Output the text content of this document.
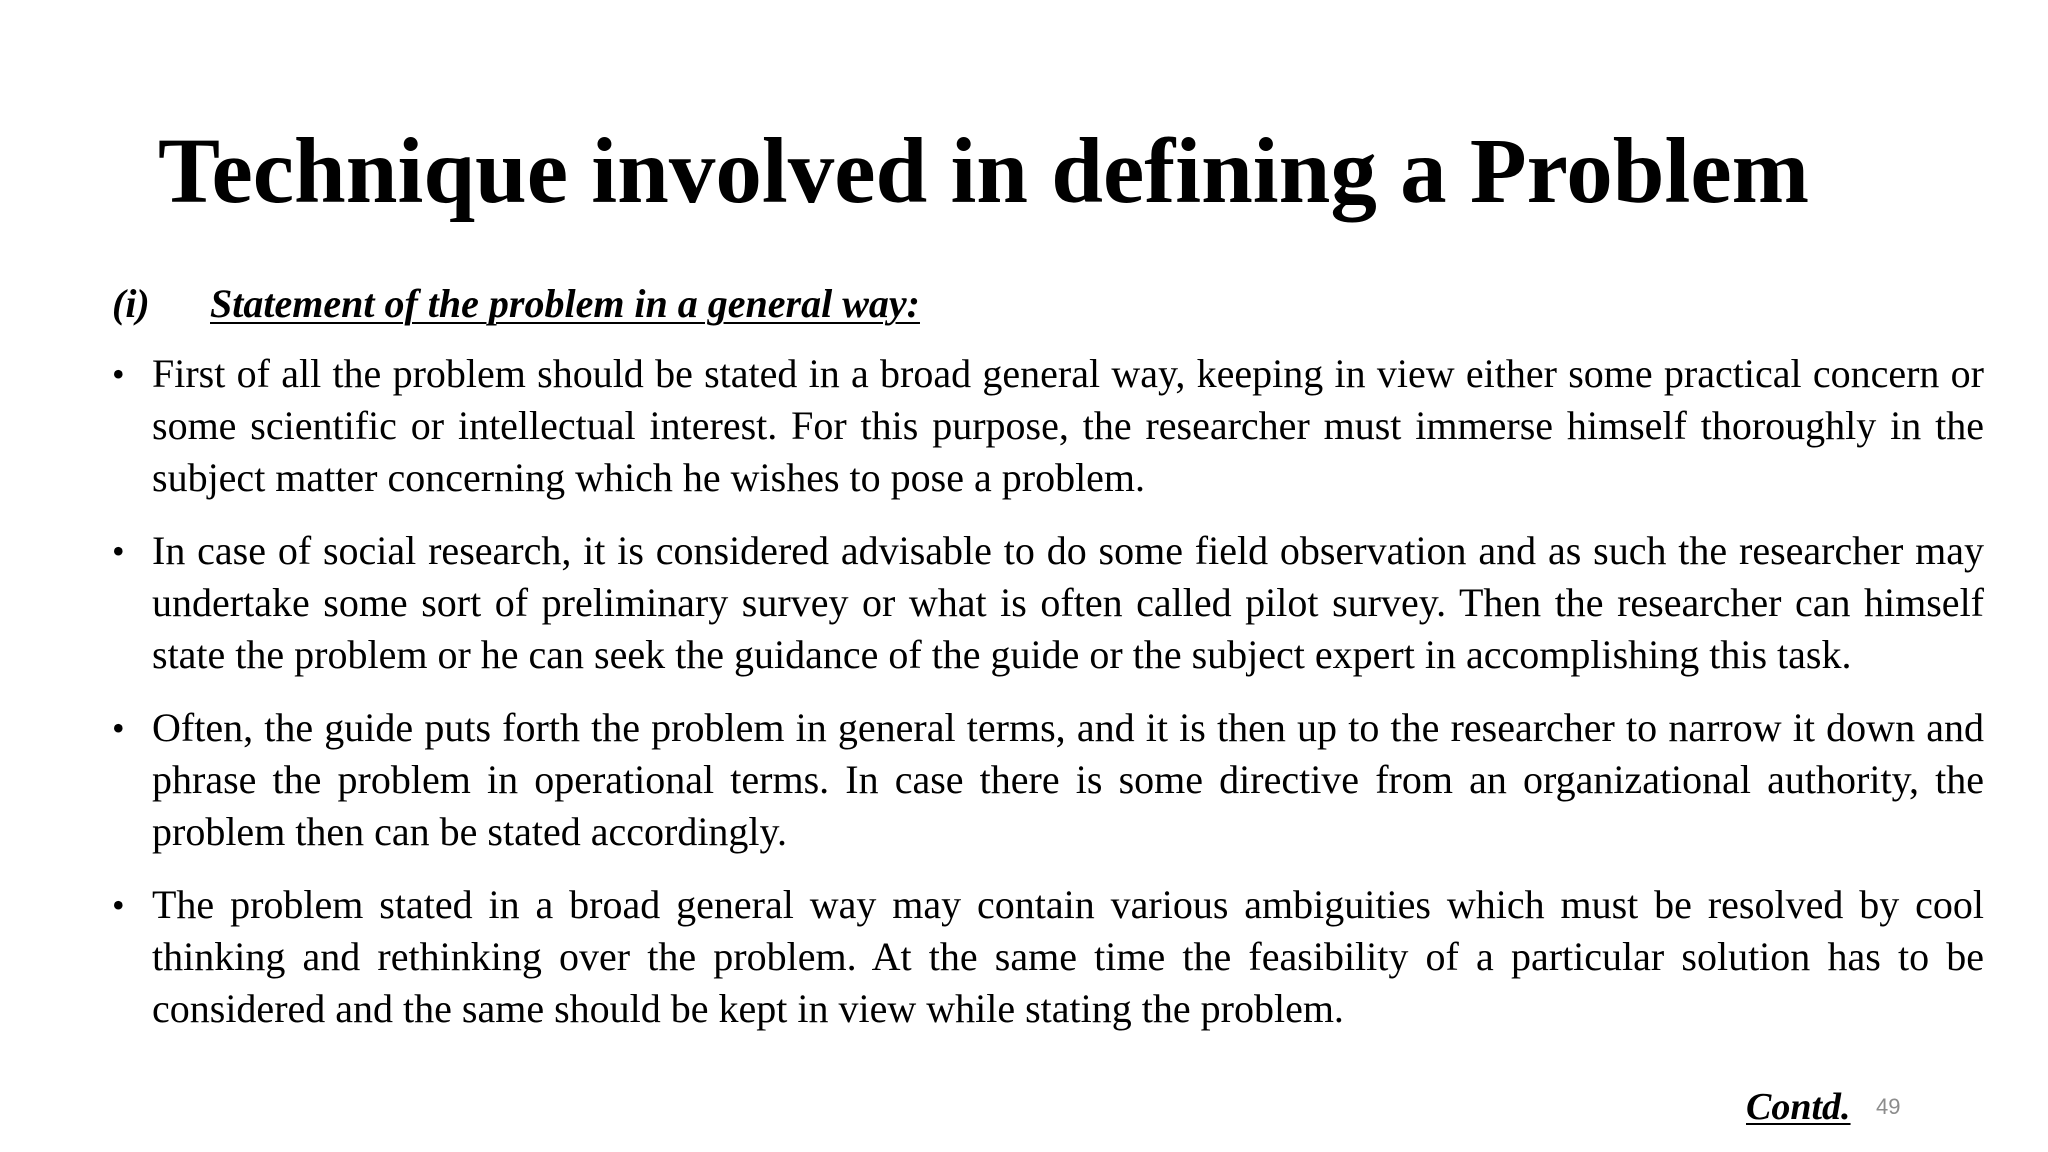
Technique involved in defining a Problem
(i) Statement of the problem in a general way:
• First of all the problem should be stated in a broad general way, keeping in view either some practical concern or some scientific or intellectual interest. For this purpose, the researcher must immerse himself thoroughly in the subject matter concerning which he wishes to pose a problem.
• In case of social research, it is considered advisable to do some field observation and as such the researcher may undertake some sort of preliminary survey or what is often called pilot survey. Then the researcher can himself state the problem or he can seek the guidance of the guide or the subject expert in accomplishing this task.
• Often, the guide puts forth the problem in general terms, and it is then up to the researcher to narrow it down and phrase the problem in operational terms. In case there is some directive from an organizational authority, the problem then can be stated accordingly.
• The problem stated in a broad general way may contain various ambiguities which must be resolved by cool thinking and rethinking over the problem. At the same time the feasibility of a particular solution has to be considered and the same should be kept in view while stating the problem.
Contd. 49
